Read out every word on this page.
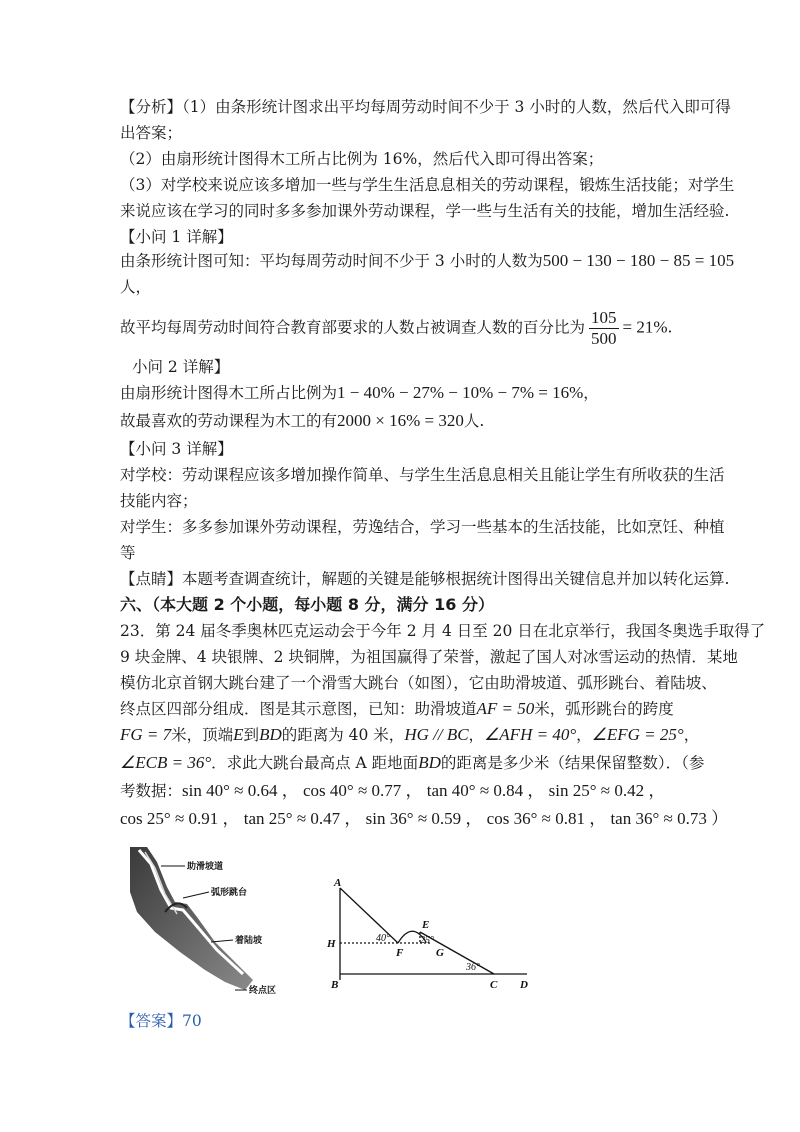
【分析】（1）由条形统计图求出平均每周劳动时间不少于 3 小时的人数，然后代入即可得
出答案；
（2）由扇形统计图得木工所占比例为 16%，然后代入即可得出答案；
（3）对学校来说应该多增加一些与学生生活息息相关的劳动课程，锻炼生活技能；对学生
来说应该在学习的同时多多参加课外劳动课程，学一些与生活有关的技能，增加生活经验.
【小问 1 详解】
由条形统计图可知：平均每周劳动时间不少于 3 小时的人数为500 − 130 − 180 − 85 = 105
人，
故平均每周劳动时间符合教育部要求的人数占被调查人数的百分比为 $\frac{105}{500} = 21\%$.
小问 2 详解】
由扇形统计图得木工所占比例为1 − 40% − 27% − 10% − 7% = 16%，
故最喜欢的劳动课程为木工的有2000 × 16% = 320人.
【小问 3 详解】
对学校：劳动课程应该多增加操作简单、与学生生活息息相关且能让学生有所收获的生活
技能内容；
对学生：多多参加课外劳动课程，劳逸结合，学习一些基本的生活技能，比如烹饪、种植
等
【点睛】本题考查调查统计，解题的关键是能够根据统计图得出关键信息并加以转化运算.
六、（本大题 2 个小题，每小题 8 分，满分 16 分）
23．第 24 届冬季奥林匹克运动会于今年 2 月 4 日至 20 日在北京举行，我国冬奥选手取得了
9 块金牌、4 块银牌、2 块铜牌，为祖国赢得了荣誉，激起了国人对冰雪运动的热情．某地
模仿北京首钢大跳台建了一个滑雪大跳台（如图），它由助滑坡道、弧形跳台、着陆坡、
终点区四部分组成．图是其示意图，已知：助滑坡道AF = 50米，弧形跳台的跨度
FG = 7米，顶端E到BD的距离为 40 米，HG // BC，∠AFH = 40°，∠EFG = 25°，
∠ECB = 36°．求此大跳台最高点 A 距地面BD的距离是多少米（结果保留整数）．（参
考数据：sin 40° ≈ 0.64 ， cos 40° ≈ 0.77 ， tan 40° ≈ 0.84 ， sin 25° ≈ 0.42 ，
cos 25° ≈ 0.91 ， tan 25° ≈ 0.47 ， sin 36° ≈ 0.59 ， cos 36° ≈ 0.81 ， tan 36° ≈ 0.73 ）
助滑坡道
弧形跳台
着陆坡
终点区
A
H
B
F
E
G
C D
40°	25°
36°
【答案】70
